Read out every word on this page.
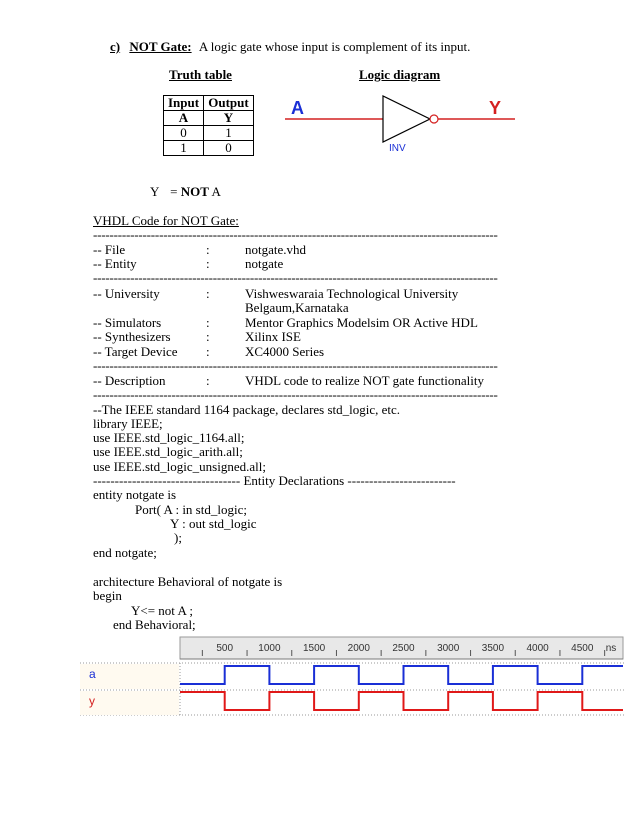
c) NOT Gate: A logic gate whose input is complement of its input.
Truth table
Input	Output
A	Y
0	1
1	0
Logic diagram
A	Y
INV
Y = NOT A
VHDL Code for NOT Gate:
--------------------------------------------------------------------------------------------------
-- File	:	notgate.vhd
-- Entity	:	notgate
--------------------------------------------------------------------------------------------------
-- University	:	Vishweswaraia Technological University
Belgaum,Karnataka
-- Simulators	:	Mentor Graphics Modelsim OR Active HDL
-- Synthesizers	:	Xilinx ISE
-- Target Device :	XC4000 Series
--------------------------------------------------------------------------------------------------
-- Description	:	VHDL code to realize NOT gate functionality
--------------------------------------------------------------------------------------------------
--The IEEE standard 1164 package, declares std_logic, etc.
library IEEE;
use IEEE.std_logic_1164.all;
use IEEE.std_logic_arith.all;
use IEEE.std_logic_unsigned.all;
---------------------------------- Entity Declarations -------------------------
entity notgate is
Port( A : in std_logic;
Y : out std_logic
);
end notgate;
architecture Behavioral of notgate is
begin
Y<= not A ;
end Behavioral;
500	1000 1500 2000 2500 3000 3500 4000 4500 ns
a
y
